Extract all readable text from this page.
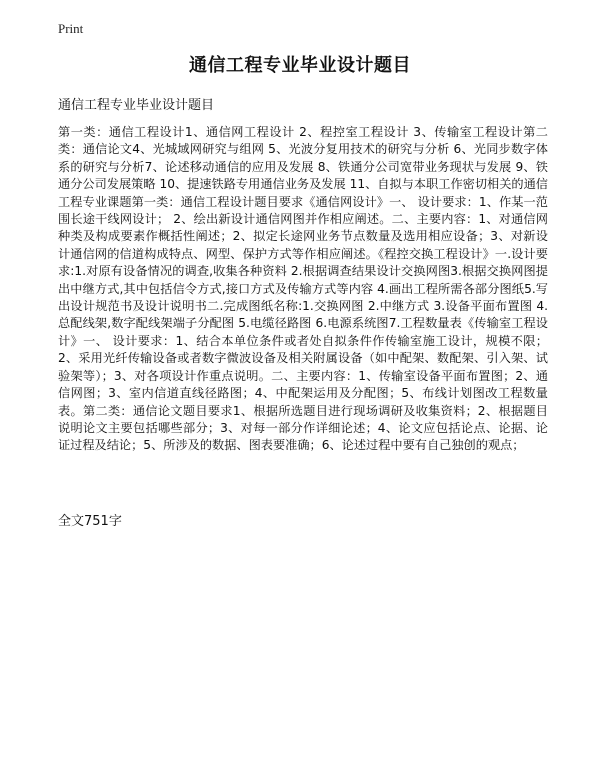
Print
通信工程专业毕业设计题目

通信工程专业毕业设计题目

第一类：通信工程设计1、通信网工程设计 2、程控室工程设计 3、传输室工程设计第二类：通信论文4、光城域网研究与组网 5、光波分复用技术的研究与分析 6、光同步数字体系的研究与分析7、论述移动通信的应用及发展 8、铁通分公司宽带业务现状与发展 9、铁通分公司发展策略 10、提速铁路专用通信业务及发展 11、自拟与本职工作密切相关的通信工程专业课题第一类：通信工程设计题目要求《通信网设计》一、 设计要求：1、作某一范围长途干线网设计； 2、绘出新设计通信网图并作相应阐述。二、主要内容：1、对通信网种类及构成要素作概括性阐述；2、拟定长途网业务节点数量及选用相应设备；3、对新设计通信网的信道构成特点、网型、保护方式等作相应阐述。《程控交换工程设计》一.设计要求:1.对原有设备情况的调查,收集各种资料 2.根据调查结果设计交换网图3.根据交换网图提出中继方式,其中包括信令方式,接口方式及传输方式等内容 4.画出工程所需各部分图纸5.写出设计规范书及设计说明书二.完成图纸名称:1.交换网图 2.中继方式 3.设备平面布置图 4.总配线架,数字配线架端子分配图 5.电缆径路图 6.电源系统图7.工程数量表《传输室工程设计》一、 设计要求：1、结合本单位条件或者处自拟条件作传输室施工设计，规模不限； 2、采用光纤传输设备或者数字微波设备及相关附属设备（如中配架、数配架、引入架、试验架等）；3、对各项设计作重点说明。二、主要内容：1、传输室设备平面布置图；2、通信网图；3、室内信道直线径路图；4、中配架运用及分配图；5、布线计划图改工程数量表。第二类：通信论文题目要求1、根据所选题目进行现场调研及收集资料；2、根据题目说明论文主要包括哪些部分；3、对每一部分作详细论述；4、论文应包括论点、论据、论证过程及结论；5、所涉及的数据、图表要准确；6、论述过程中要有自己独创的观点；

全文751字
